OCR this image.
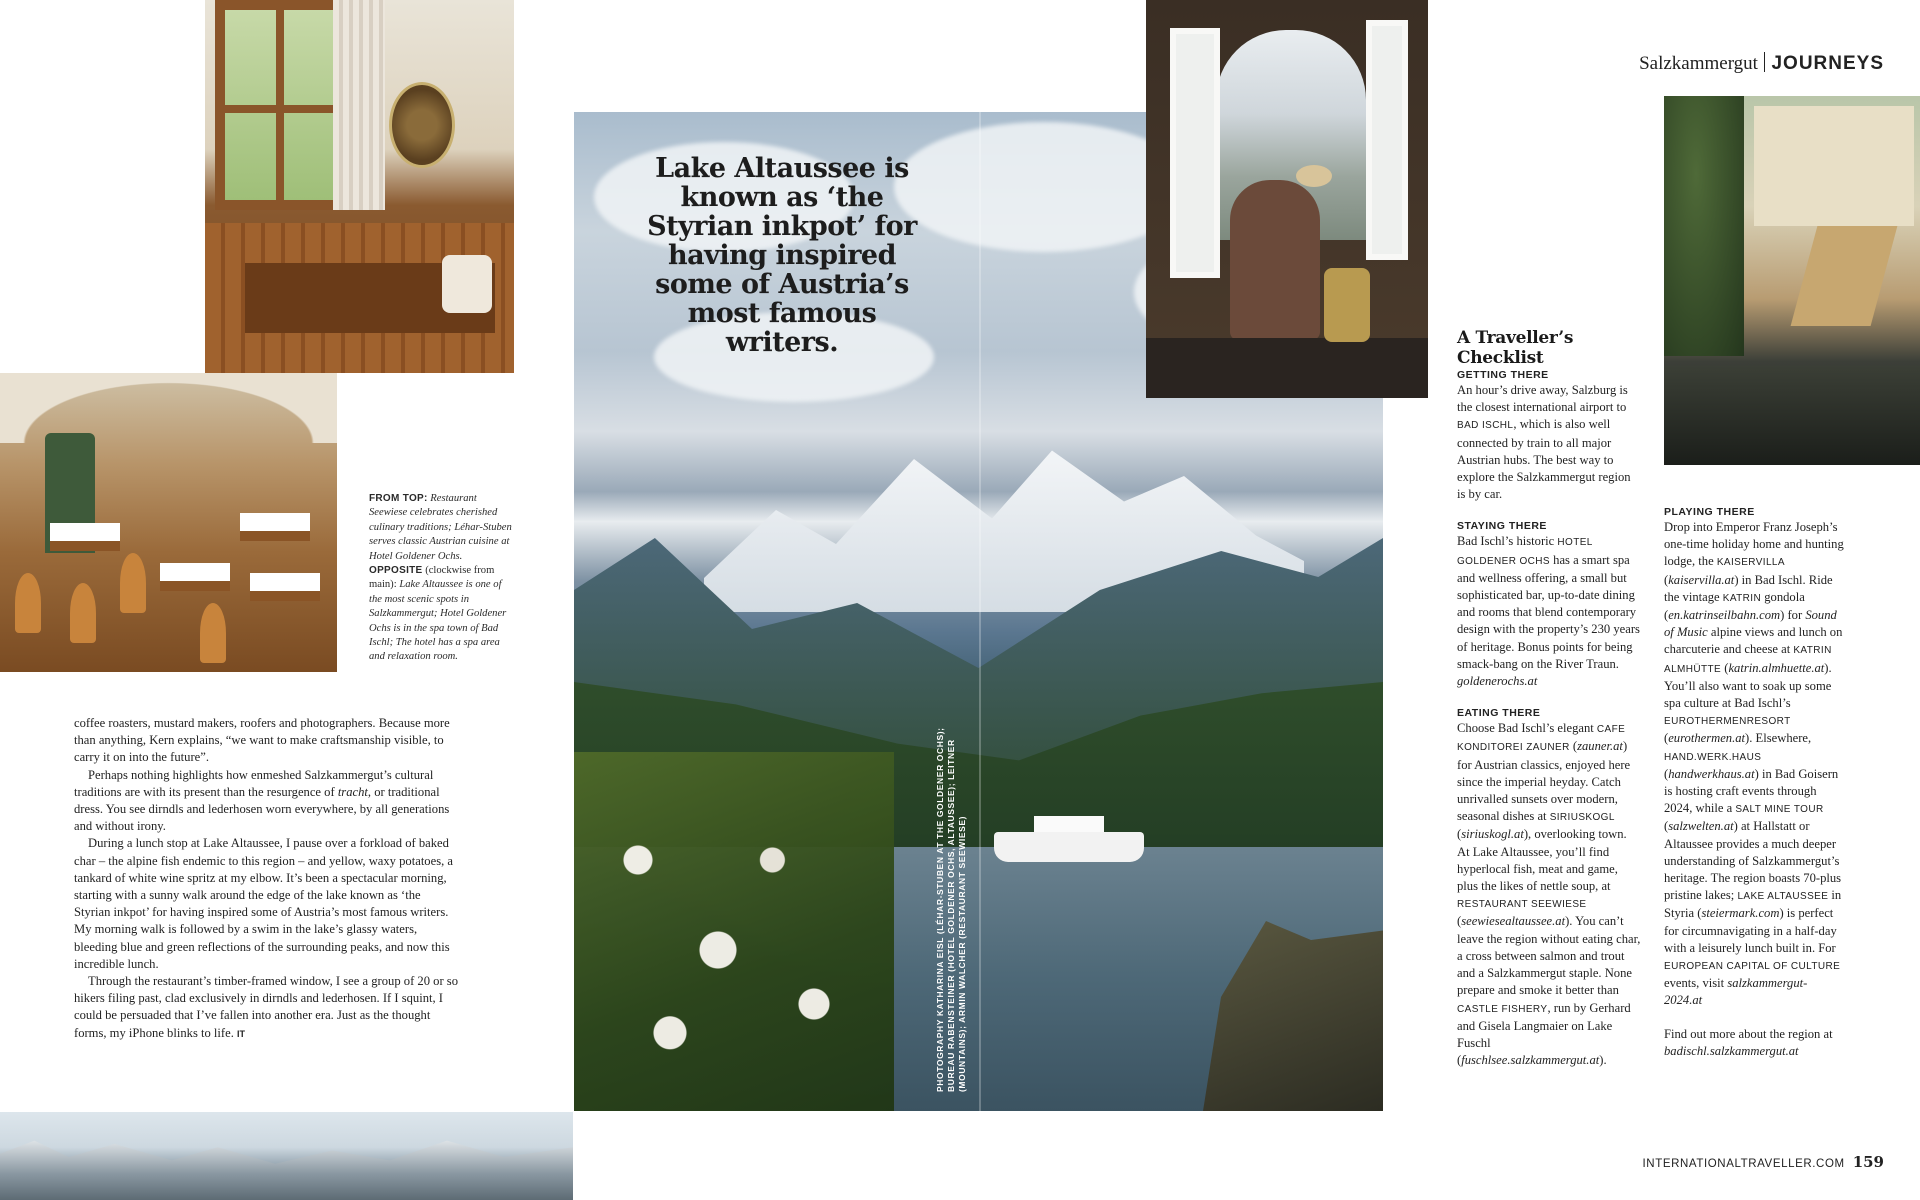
Lake Altaussee is known as ‘the Styrian inkpot’ for having inspired some of Austria’s most famous writers.
PHOTOGRAPHY KATHARINA EISL (LÉHAR-STUBEN AT THE GOLDENER OCHS); BUREAU RABENSTEINER (HOTEL GOLDENER OCHS, ALTAUSSEE); LEITNER (MOUNTAINS); ARMIN WALCHER (RESTAURANT SEEWIESE)
Salzkammergut JOURNEYS
FROM TOP: Restaurant Seewiese celebrates cherished culinary traditions; Léhar-Stuben serves classic Austrian cuisine at Hotel Goldener Ochs. OPPOSITE (clockwise from main): Lake Altaussee is one of the most scenic spots in Salzkammergut; Hotel Goldener Ochs is in the spa town of Bad Ischl; The hotel has a spa area and relaxation room.

coffee roasters, mustard makers, roofers and photographers. Because more than anything, Kern explains, “we want to make craftsmanship visible, to carry it on into the future”.

Perhaps nothing highlights how enmeshed Salzkammergut’s cultural traditions are with its present than the resurgence of tracht, or traditional dress. You see dirndls and lederhosen worn everywhere, by all generations and without irony.

During a lunch stop at Lake Altaussee, I pause over a forkload of baked char – the alpine fish endemic to this region – and yellow, waxy potatoes, a tankard of white wine spritz at my elbow. It’s been a spectacular morning, starting with a sunny walk around the edge of the lake known as ‘the Styrian inkpot’ for having inspired some of Austria’s most famous writers. My morning walk is followed by a swim in the lake’s glassy waters, bleeding blue and green reflections of the surrounding peaks, and now this incredible lunch.

Through the restaurant’s timber-framed window, I see a group of 20 or so hikers filing past, clad exclusively in dirndls and lederhosen. If I squint, I could be persuaded that I’ve fallen into another era. Just as the thought forms, my iPhone blinks to life. IT

A Traveller’s Checklist
GETTING THERE
An hour’s drive away, Salzburg is the closest international airport to BAD ISCHL, which is also well connected by train to all major Austrian hubs. The best way to explore the Salzkammergut region is by car.
STAYING THERE
Bad Ischl’s historic HOTEL GOLDENER OCHS has a smart spa and wellness offering, a small but sophisticated bar, up-to-date dining and rooms that blend contemporary design with the property’s 230 years of heritage. Bonus points for being smack-bang on the River Traun. goldenerochs.at
EATING THERE
Choose Bad Ischl’s elegant CAFE KONDITOREI ZAUNER (zauner.at) for Austrian classics, enjoyed here since the imperial heyday. Catch unrivalled sunsets over modern, seasonal dishes at SIRIUSKOGL (siriuskogl.at), overlooking town. At Lake Altaussee, you’ll find hyperlocal fish, meat and game, plus the likes of nettle soup, at RESTAURANT SEEWIESE (seewiesealtaussee.at). You can’t leave the region without eating char, a cross between salmon and trout and a Salzkammergut staple. None prepare and smoke it better than CASTLE FISHERY, run by Gerhard and Gisela Langmaier on Lake Fuschl (fuschlsee.salzkammergut.at).
PLAYING THERE
Drop into Emperor Franz Joseph’s one-time holiday home and hunting lodge, the KAISERVILLA (kaiservilla.at) in Bad Ischl. Ride the vintage KATRIN gondola (en.katrinseilbahn.com) for Sound of Music alpine views and lunch on charcuterie and cheese at KATRIN ALMHÜTTE (katrin.almhuette.at). You’ll also want to soak up some spa culture at Bad Ischl’s EUROTHERMENRESORT (eurothermen.at). Elsewhere, HAND.WERK.HAUS (handwerkhaus.at) in Bad Goisern is hosting craft events through 2024, while a SALT MINE TOUR (salzwelten.at) at Hallstatt or Altaussee provides a much deeper understanding of Salzkammergut’s heritage. The region boasts 70-plus pristine lakes; LAKE ALTAUSSEE in Styria (steiermark.com) is perfect for circumnavigating in a half-day with a leisurely lunch built in. For EUROPEAN CAPITAL OF CULTURE events, visit salzkammergut-2024.at
Find out more about the region at badischl.salzkammergut.at
INTERNATIONALTRAVELLER.COM 159
